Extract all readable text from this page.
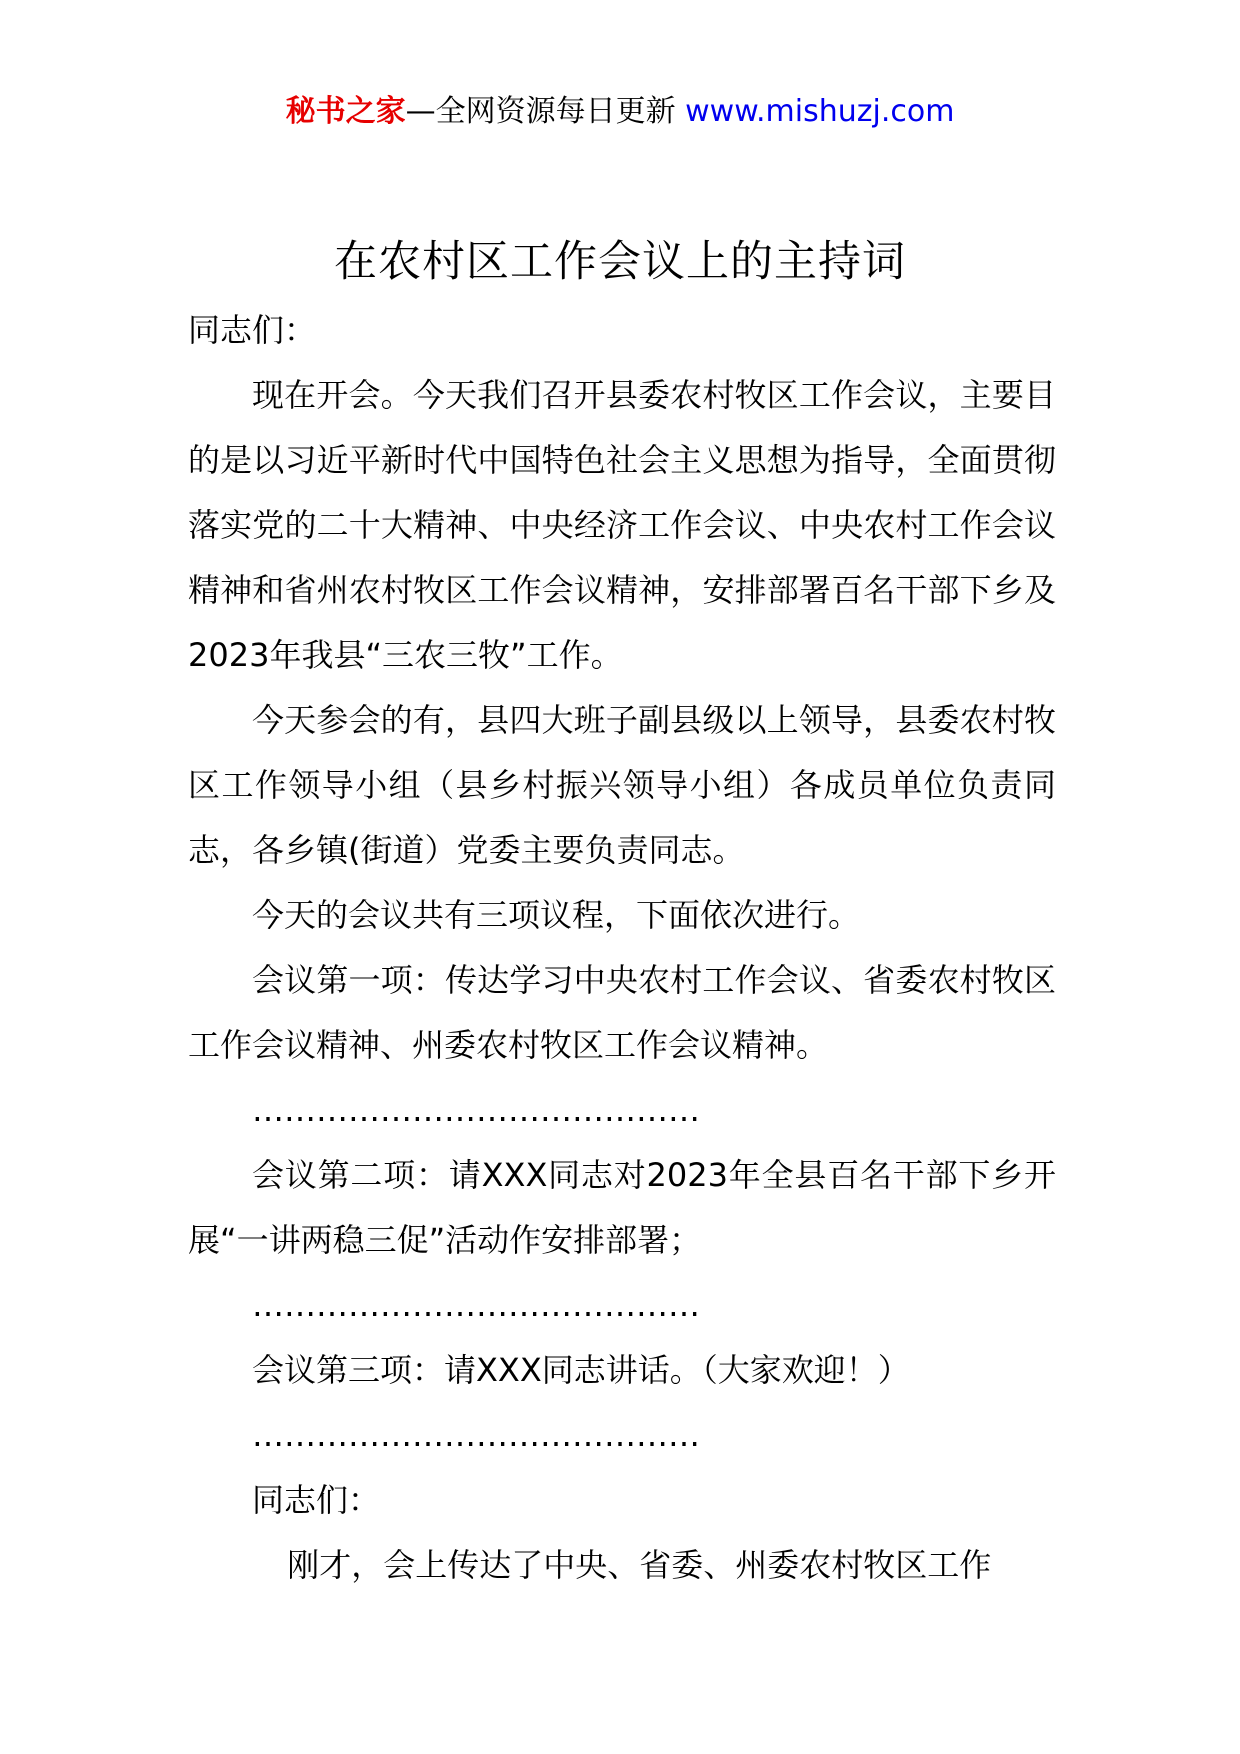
秘书之家—全网资源每日更新 www.mishuzj.com
在农村区工作会议上的主持词

同志们：

现在开会。今天我们召开县委农村牧区工作会议，主要目的是以习近平新时代中国特色社会主义思想为指导，全面贯彻落实党的二十大精神、中央经济工作会议、中央农村工作会议精神和省州农村牧区工作会议精神，安排部署百名干部下乡及2023年我县“三农三牧”工作。

今天参会的有，县四大班子副县级以上领导，县委农村牧区工作领导小组（县乡村振兴领导小组）各成员单位负责同志，各乡镇(街道）党委主要负责同志。

今天的会议共有三项议程，下面依次进行。

会议第一项：传达学习中央农村工作会议、省委农村牧区工作会议精神、州委农村牧区工作会议精神。

……………………………………

会议第二项：请XXX同志对2023年全县百名干部下乡开展“一讲两稳三促”活动作安排部署；

……………………………………

会议第三项：请XXX同志讲话。（大家欢迎！）

……………………………………

同志们：

刚才，会上传达了中央、省委、州委农村牧区工作
